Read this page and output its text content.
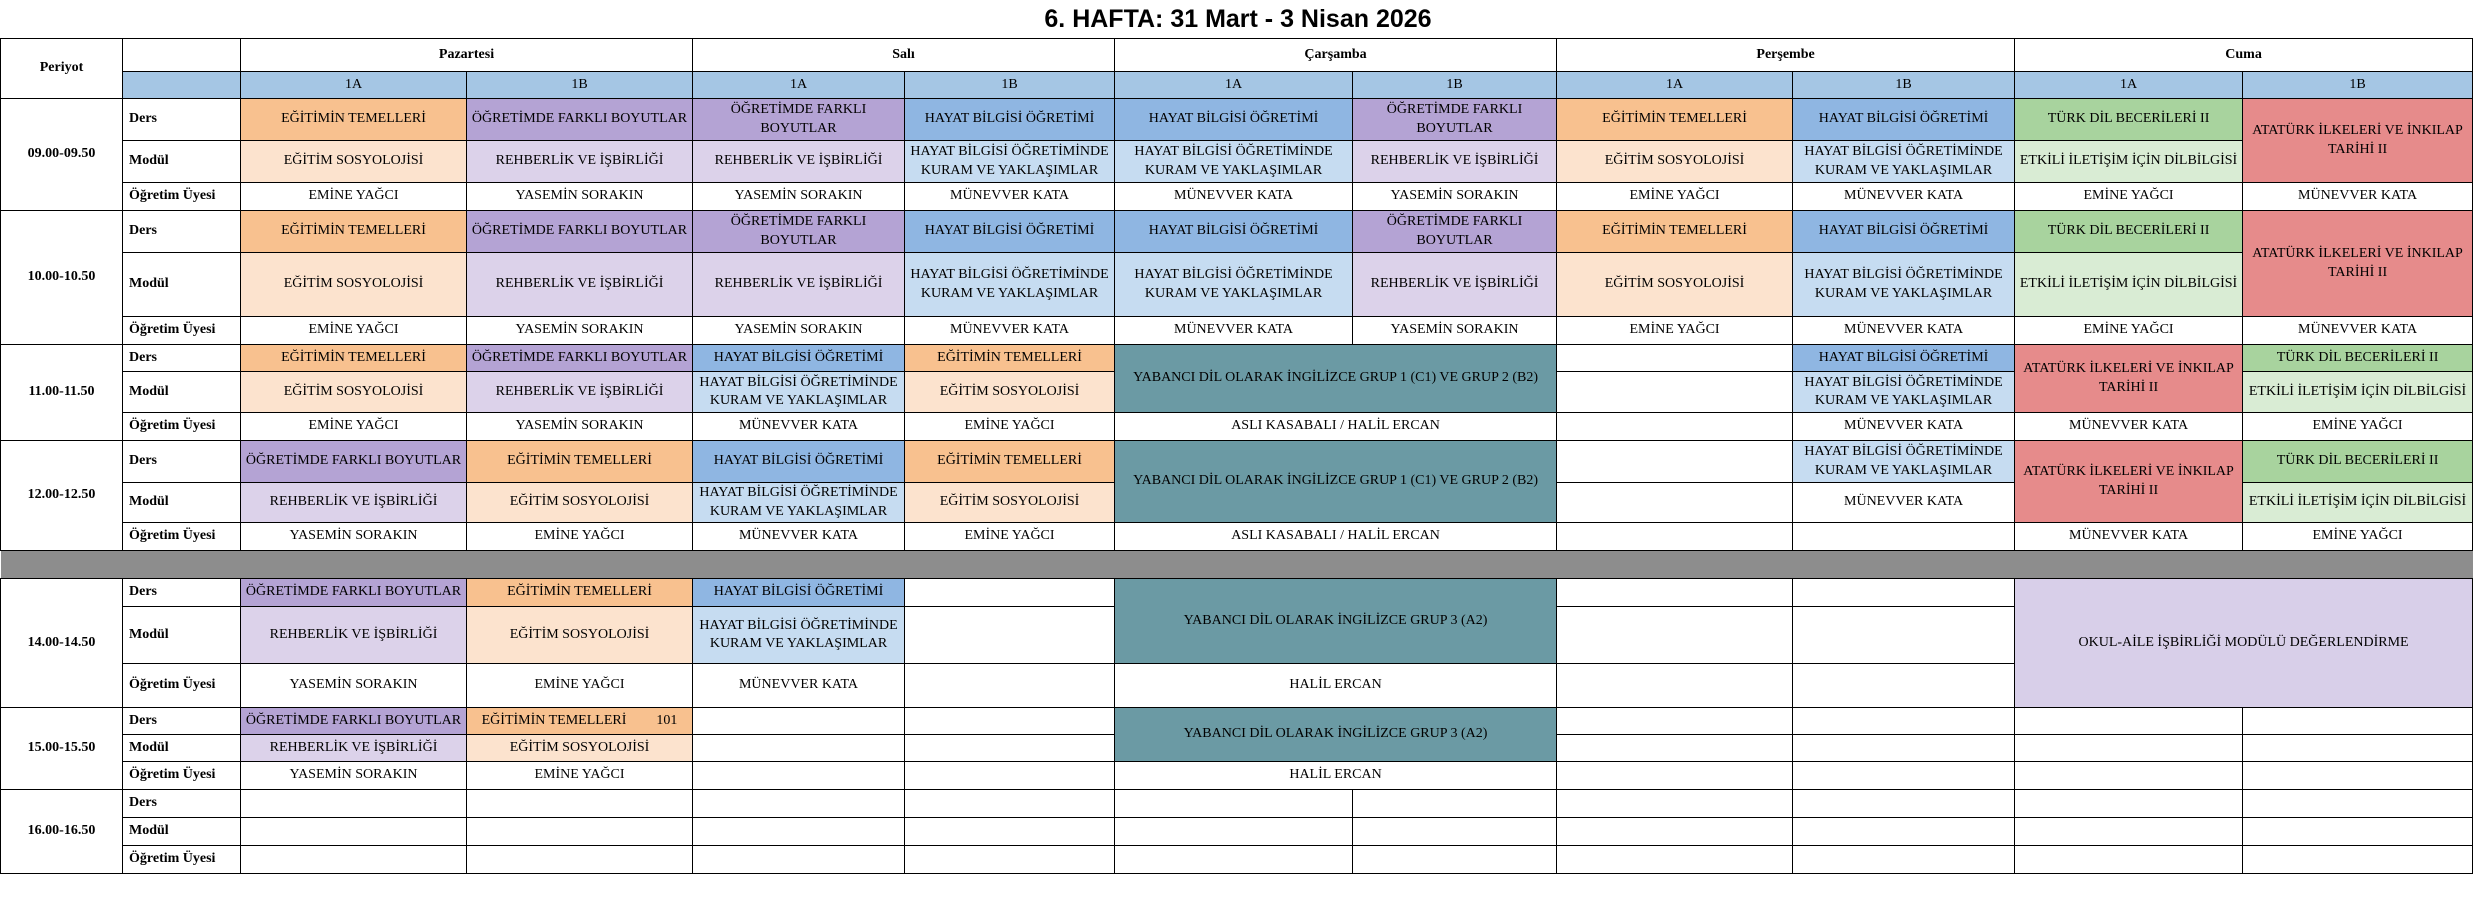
6. HAFTA: 31 Mart - 3 Nisan 2026
Periyot		Pazartesi		Salı		Çarşamba		Perşembe		Cuma	
		1A	1B	1A	1B	1A	1B	1A	1B	1A	1B
09.00-09.50	Ders	EĞİTİMİN TEMELLERİ	ÖĞRETİMDE FARKLI BOYUTLAR	ÖĞRETİMDE FARKLI BOYUTLAR	HAYAT BİLGİSİ ÖĞRETİMİ	HAYAT BİLGİSİ ÖĞRETİMİ	ÖĞRETİMDE FARKLI BOYUTLAR	EĞİTİMİN TEMELLERİ	HAYAT BİLGİSİ ÖĞRETİMİ	TÜRK DİL BECERİLERİ II	ATATÜRK İLKELERİ VE İNKILAP TARİHİ II
	Modül	EĞİTİM SOSYOLOJİSİ	REHBERLİK VE İŞBİRLİĞİ	REHBERLİK VE İŞBİRLİĞİ	HAYAT BİLGİSİ ÖĞRETİMİNDE KURAM VE YAKLAŞIMLAR	HAYAT BİLGİSİ ÖĞRETİMİNDE KURAM VE YAKLAŞIMLAR	REHBERLİK VE İŞBİRLİĞİ	EĞİTİM SOSYOLOJİSİ	HAYAT BİLGİSİ ÖĞRETİMİNDE KURAM VE YAKLAŞIMLAR	ETKİLİ İLETİŞİM İÇİN DİLBİLGİSİ	
	Öğretim Üyesi	EMİNE YAĞCI	YASEMİN SORAKIN	YASEMİN SORAKIN	MÜNEVVER KATA	MÜNEVVER KATA	YASEMİN SORAKIN	EMİNE YAĞCI	MÜNEVVER KATA	EMİNE YAĞCI	MÜNEVVER KATA
10.00-10.50	Ders	EĞİTİMİN TEMELLERİ	ÖĞRETİMDE FARKLI BOYUTLAR	ÖĞRETİMDE FARKLI BOYUTLAR	HAYAT BİLGİSİ ÖĞRETİMİ	HAYAT BİLGİSİ ÖĞRETİMİ	ÖĞRETİMDE FARKLI BOYUTLAR	EĞİTİMİN TEMELLERİ	HAYAT BİLGİSİ ÖĞRETİMİ	TÜRK DİL BECERİLERİ II	ATATÜRK İLKELERİ VE İNKILAP TARİHİ II
	Modül	EĞİTİM SOSYOLOJİSİ	REHBERLİK VE İŞBİRLİĞİ	REHBERLİK VE İŞBİRLİĞİ	HAYAT BİLGİSİ ÖĞRETİMİNDE KURAM VE YAKLAŞIMLAR	HAYAT BİLGİSİ ÖĞRETİMİNDE KURAM VE YAKLAŞIMLAR	REHBERLİK VE İŞBİRLİĞİ	EĞİTİM SOSYOLOJİSİ	HAYAT BİLGİSİ ÖĞRETİMİNDE KURAM VE YAKLAŞIMLAR	ETKİLİ İLETİŞİM İÇİN DİLBİLGİSİ	
	Öğretim Üyesi	EMİNE YAĞCI	YASEMİN SORAKIN	YASEMİN SORAKIN	MÜNEVVER KATA	MÜNEVVER KATA	YASEMİN SORAKIN	EMİNE YAĞCI	MÜNEVVER KATA	EMİNE YAĞCI	MÜNEVVER KATA
11.00-11.50	Ders	EĞİTİMİN TEMELLERİ	ÖĞRETİMDE FARKLI BOYUTLAR	HAYAT BİLGİSİ ÖĞRETİMİ	EĞİTİMİN TEMELLERİ	YABANCI DİL OLARAK İNGİLİZCE GRUP 1 (C1) VE GRUP 2 (B2)			HAYAT BİLGİSİ ÖĞRETİMİ	ATATÜRK İLKELERİ VE İNKILAP TARİHİ II	TÜRK DİL BECERİLERİ II
	Modül	EĞİTİM SOSYOLOJİSİ	REHBERLİK VE İŞBİRLİĞİ	HAYAT BİLGİSİ ÖĞRETİMİNDE KURAM VE YAKLAŞIMLAR	EĞİTİM SOSYOLOJİSİ				HAYAT BİLGİSİ ÖĞRETİMİNDE KURAM VE YAKLAŞIMLAR		ETKİLİ İLETİŞİM İÇİN DİLBİLGİSİ
	Öğretim Üyesi	EMİNE YAĞCI	YASEMİN SORAKIN	MÜNEVVER KATA	EMİNE YAĞCI	ASLI KASABALI / HALİL ERCAN			MÜNEVVER KATA	MÜNEVVER KATA	EMİNE YAĞCI
12.00-12.50	Ders	ÖĞRETİMDE FARKLI BOYUTLAR	EĞİTİMİN TEMELLERİ	HAYAT BİLGİSİ ÖĞRETİMİ	EĞİTİMİN TEMELLERİ	YABANCI DİL OLARAK İNGİLİZCE GRUP 1 (C1) VE GRUP 2 (B2)			HAYAT BİLGİSİ ÖĞRETİMİNDE KURAM VE YAKLAŞIMLAR	ATATÜRK İLKELERİ VE İNKILAP TARİHİ II	TÜRK DİL BECERİLERİ II
	Modül	REHBERLİK VE İŞBİRLİĞİ	EĞİTİM SOSYOLOJİSİ	HAYAT BİLGİSİ ÖĞRETİMİNDE KURAM VE YAKLAŞIMLAR	EĞİTİM SOSYOLOJİSİ				MÜNEVVER KATA		ETKİLİ İLETİŞİM İÇİN DİLBİLGİSİ
	Öğretim Üyesi	YASEMİN SORAKIN	EMİNE YAĞCI	MÜNEVVER KATA	EMİNE YAĞCI	ASLI KASABALI / HALİL ERCAN				MÜNEVVER KATA	EMİNE YAĞCI

14.00-14.50	Ders	ÖĞRETİMDE FARKLI BOYUTLAR	EĞİTİMİN TEMELLERİ	HAYAT BİLGİSİ ÖĞRETİMİ		YABANCI DİL OLARAK İNGİLİZCE GRUP 3 (A2)				OKUL-AİLE İŞBİRLİĞİ MODÜLÜ DEĞERLENDİRME	
	Modül	REHBERLİK VE İŞBİRLİĞİ	EĞİTİM SOSYOLOJİSİ	HAYAT BİLGİSİ ÖĞRETİMİNDE KURAM VE YAKLAŞIMLAR							
	Öğretim Üyesi	YASEMİN SORAKIN	EMİNE YAĞCI	MÜNEVVER KATA		HALİL ERCAN					
15.00-15.50	Ders	ÖĞRETİMDE FARKLI BOYUTLAR	EĞİTİMİN TEMELLERİ 101			YABANCI DİL OLARAK İNGİLİZCE GRUP 3 (A2)					
	Modül	REHBERLİK VE İŞBİRLİĞİ	EĞİTİM SOSYOLOJİSİ								
	Öğretim Üyesi	YASEMİN SORAKIN	EMİNE YAĞCI			HALİL ERCAN					
16.00-16.50	Ders										
	Modül										
	Öğretim Üyesi										
